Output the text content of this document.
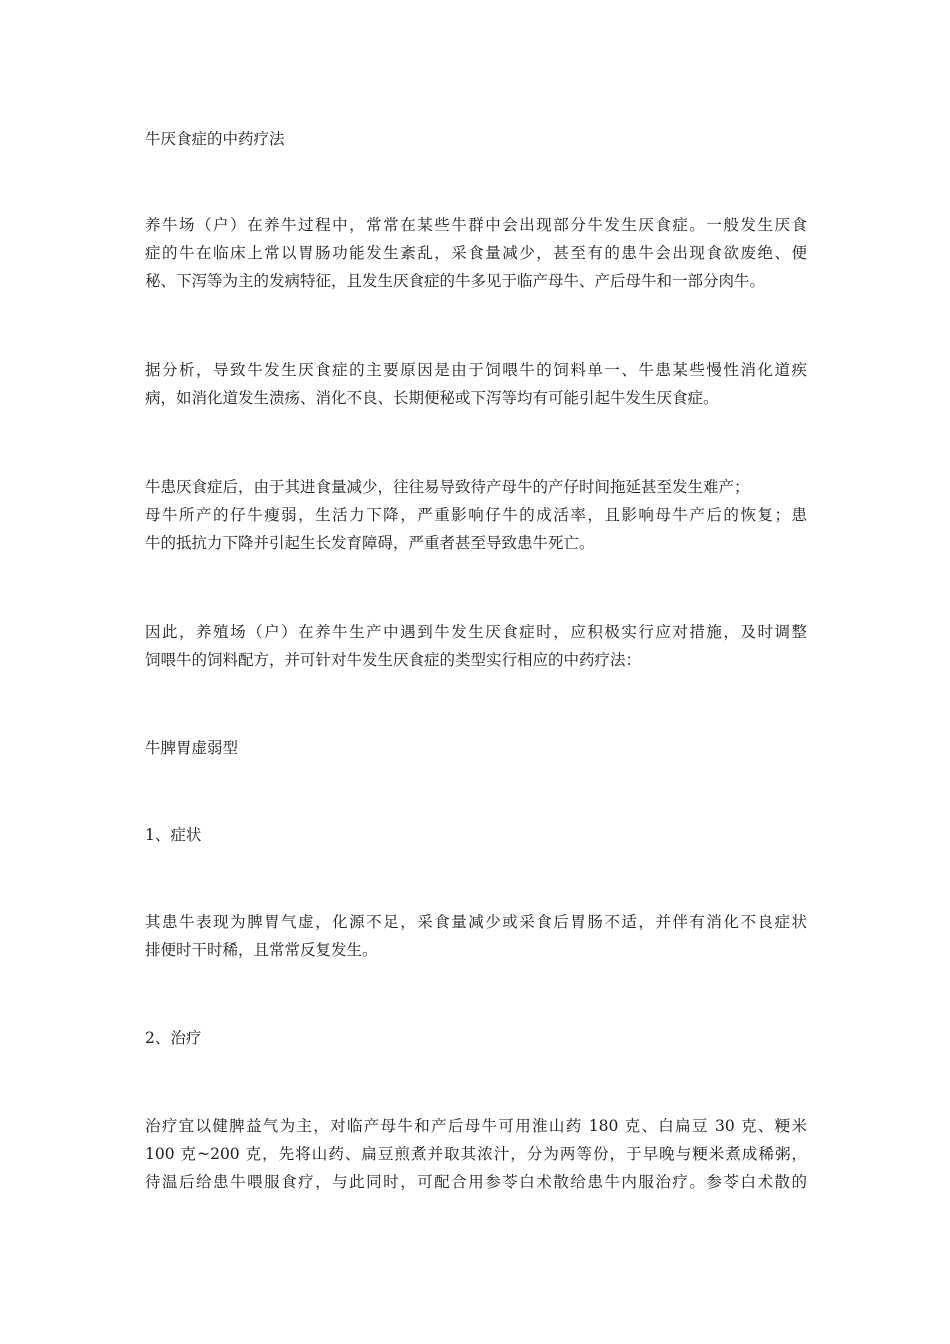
牛厌食症的中药疗法
养牛场（户）在养牛过程中，常常在某些牛群中会出现部分牛发生厌食症。一般发生厌食
症的牛在临床上常以胃肠功能发生紊乱，采食量减少，甚至有的患牛会出现食欲废绝、便
秘、下泻等为主的发病特征，且发生厌食症的牛多见于临产母牛、产后母牛和一部分肉牛。
据分析，导致牛发生厌食症的主要原因是由于饲喂牛的饲料单一、牛患某些慢性消化道疾
病，如消化道发生溃疡、消化不良、长期便秘或下泻等均有可能引起牛发生厌食症。
牛患厌食症后，由于其进食量减少，往往易导致待产母牛的产仔时间拖延甚至发生难产；
母牛所产的仔牛瘦弱，生活力下降，严重影响仔牛的成活率，且影响母牛产后的恢复；患
牛的抵抗力下降并引起生长发育障碍，严重者甚至导致患牛死亡。
因此，养殖场（户）在养牛生产中遇到牛发生厌食症时，应积极实行应对措施，及时调整
饲喂牛的饲料配方，并可针对牛发生厌食症的类型实行相应的中药疗法：
牛脾胃虚弱型
1、症状
其患牛表现为脾胃气虚，化源不足，采食量减少或采食后胃肠不适，并伴有消化不良症状
排便时干时稀，且常常反复发生。
2、治疗
治疗宜以健脾益气为主，对临产母牛和产后母牛可用淮山药 180 克、白扁豆 30 克、粳米
100 克~200 克，先将山药、扁豆煎煮并取其浓汁，分为两等份，于早晚与粳米煮成稀粥，
待温后给患牛喂服食疗，与此同时，可配合用参苓白术散给患牛内服治疗。参苓白术散的
